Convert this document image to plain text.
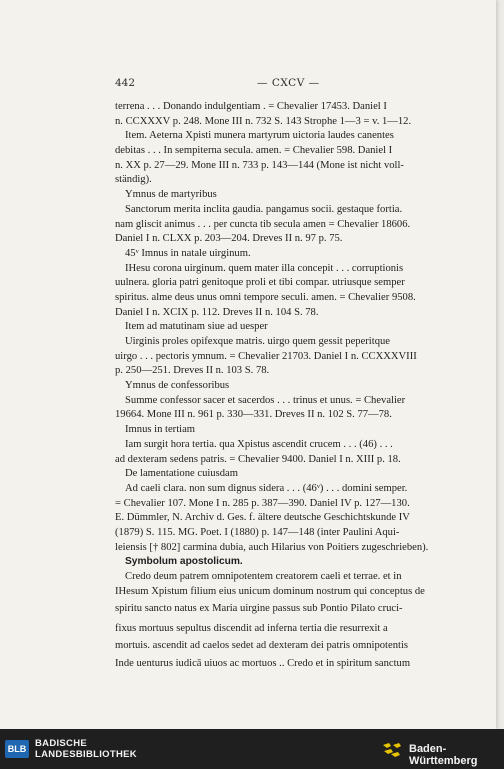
442	— CXCV —
terrena . . . Donando indulgentiam . = Chevalier 17453. Daniel I
n. CCXXXV p. 248. Mone III n. 732 S. 143 Strophe 1—3 = v. 1—12.
Item. Aeterna Xpisti munera martyrum uictoria laudes canentes
debitas . . . In sempiterna secula. amen. = Chevalier 598. Daniel I
n. XX p. 27—29. Mone III n. 733 p. 143—144 (Mone ist nicht voll-
ständig).
Ymnus de martyribus
Sanctorum merita inclita gaudia. pangamus socii. gestaque fortia.
nam gliscit animus . . . per cuncta tib secula amen = Chevalier 18606.
Daniel I n. CLXX p. 203—204. Dreves II n. 97 p. 75.
45ᵛ Imnus in natale uirginum.
IHesu corona uirginum. quem mater illa concepit . . . corruptionis
uulnera. gloria patri genitoque proli et tibi compar. utriusque semper
spiritus. alme deus unus omni tempore seculi. amen. = Chevalier 9508.
Daniel I n. XCIX p. 112. Dreves II n. 104 S. 78.
Item ad matutinam siue ad uesper
Uirginis proles opifexque matris. uirgo quem gessit peperitque
uirgo . . . pectoris ymnum. = Chevalier 21703. Daniel I n. CCXXXVIII
p. 250—251. Dreves II n. 103 S. 78.
Ymnus de confessoribus
Summe confessor sacer et sacerdos . . . trinus et unus. = Chevalier
19664. Mone III n. 961 p. 330—331. Dreves II n. 102 S. 77—78.
Imnus in tertiam
Iam surgit hora tertia. qua Xpistus ascendit crucem . . . (46) . . .
ad dexteram sedens patris. = Chevalier 9400. Daniel I n. XIII p. 18.
De lamentatione cuiusdam
Ad caeli clara. non sum dignus sidera . . . (46ᵛ) . . . domini semper.
= Chevalier 107. Mone I n. 285 p. 387—390. Daniel IV p. 127—130.
E. Dümmler, N. Archiv d. Ges. f. ältere deutsche Geschichtskunde IV
(1879) S. 115. MG. Poet. I (1880) p. 147—148 (inter Paulini Aqui-
leiensis [† 802] carmina dubia, auch Hilarius von Poitiers zugeschrieben).
Symbolum apostolicum.
Credo deum patrem omnipotentem creatorem caeli et terrae. et in
IHesum Xpistum filium eius unicum dominum nostrum qui conceptus de
spiritu sancto natus ex Maria uirgine passus sub Pontio Pilato cruci-
fixus mortuus sepultus discendit ad inferna tertia die resurrexit a
mortuis. ascendit ad caelos sedet ad dexteram dei patris omnipotentis
Inde uenturus iudicā uiuos ac mortuos .. Credo et in spiritum sanctum
BLB BADISCHE
LANDESBIBLIOTHEK	Baden-Württemberg
